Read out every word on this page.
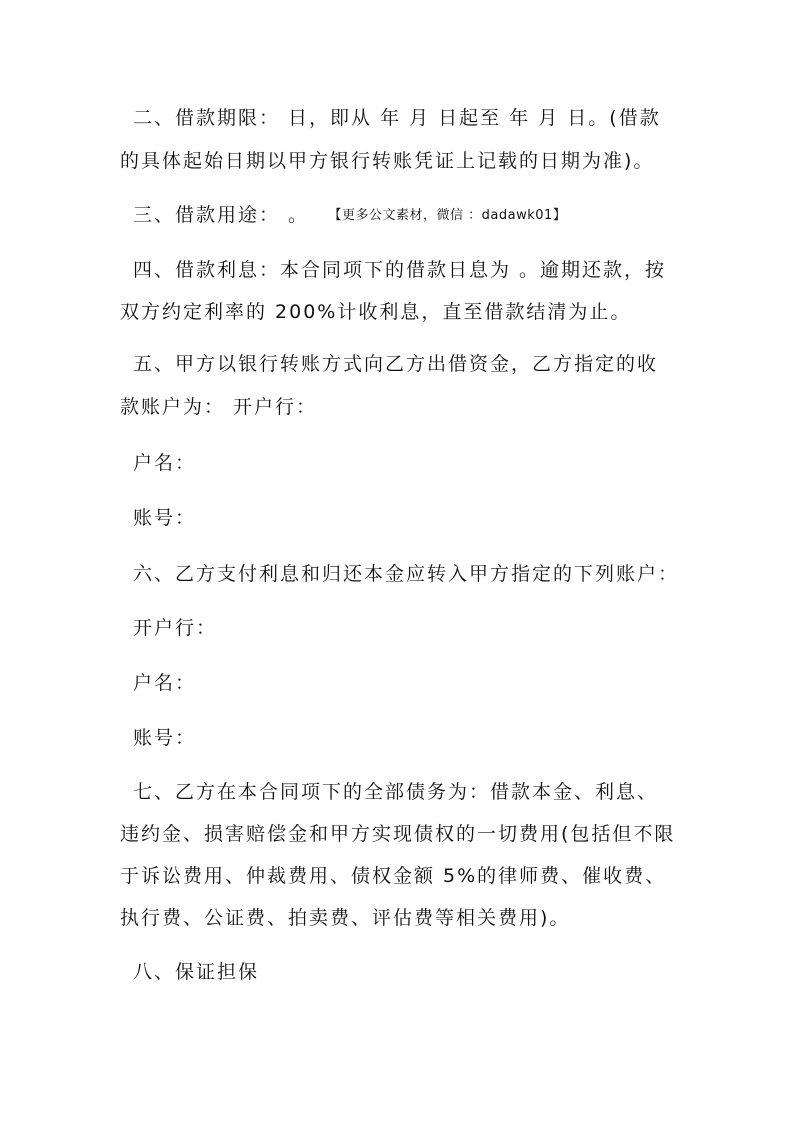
二、借款期限： 日，即从 年 月 日起至 年 月 日。(借款
的具体起始日期以甲方银行转账凭证上记载的日期为准)。
三、借款用途： 。 【更多公文素材，微信 ：dadawk01】
四、借款利息：本合同项下的借款日息为 。逾期还款，按
双方约定利率的 200%计收利息，直至借款结清为止。
五、甲方以银行转账方式向乙方出借资金，乙方指定的收
款账户为： 开户行：
户名：
账号：
六、乙方支付利息和归还本金应转入甲方指定的下列账户：
开户行：
户名：
账号：
七、乙方在本合同项下的全部债务为：借款本金、利息、
违约金、损害赔偿金和甲方实现债权的一切费用(包括但不限
于诉讼费用、仲裁费用、债权金额 5%的律师费、催收费、
执行费、公证费、拍卖费、评估费等相关费用)。
八、保证担保
